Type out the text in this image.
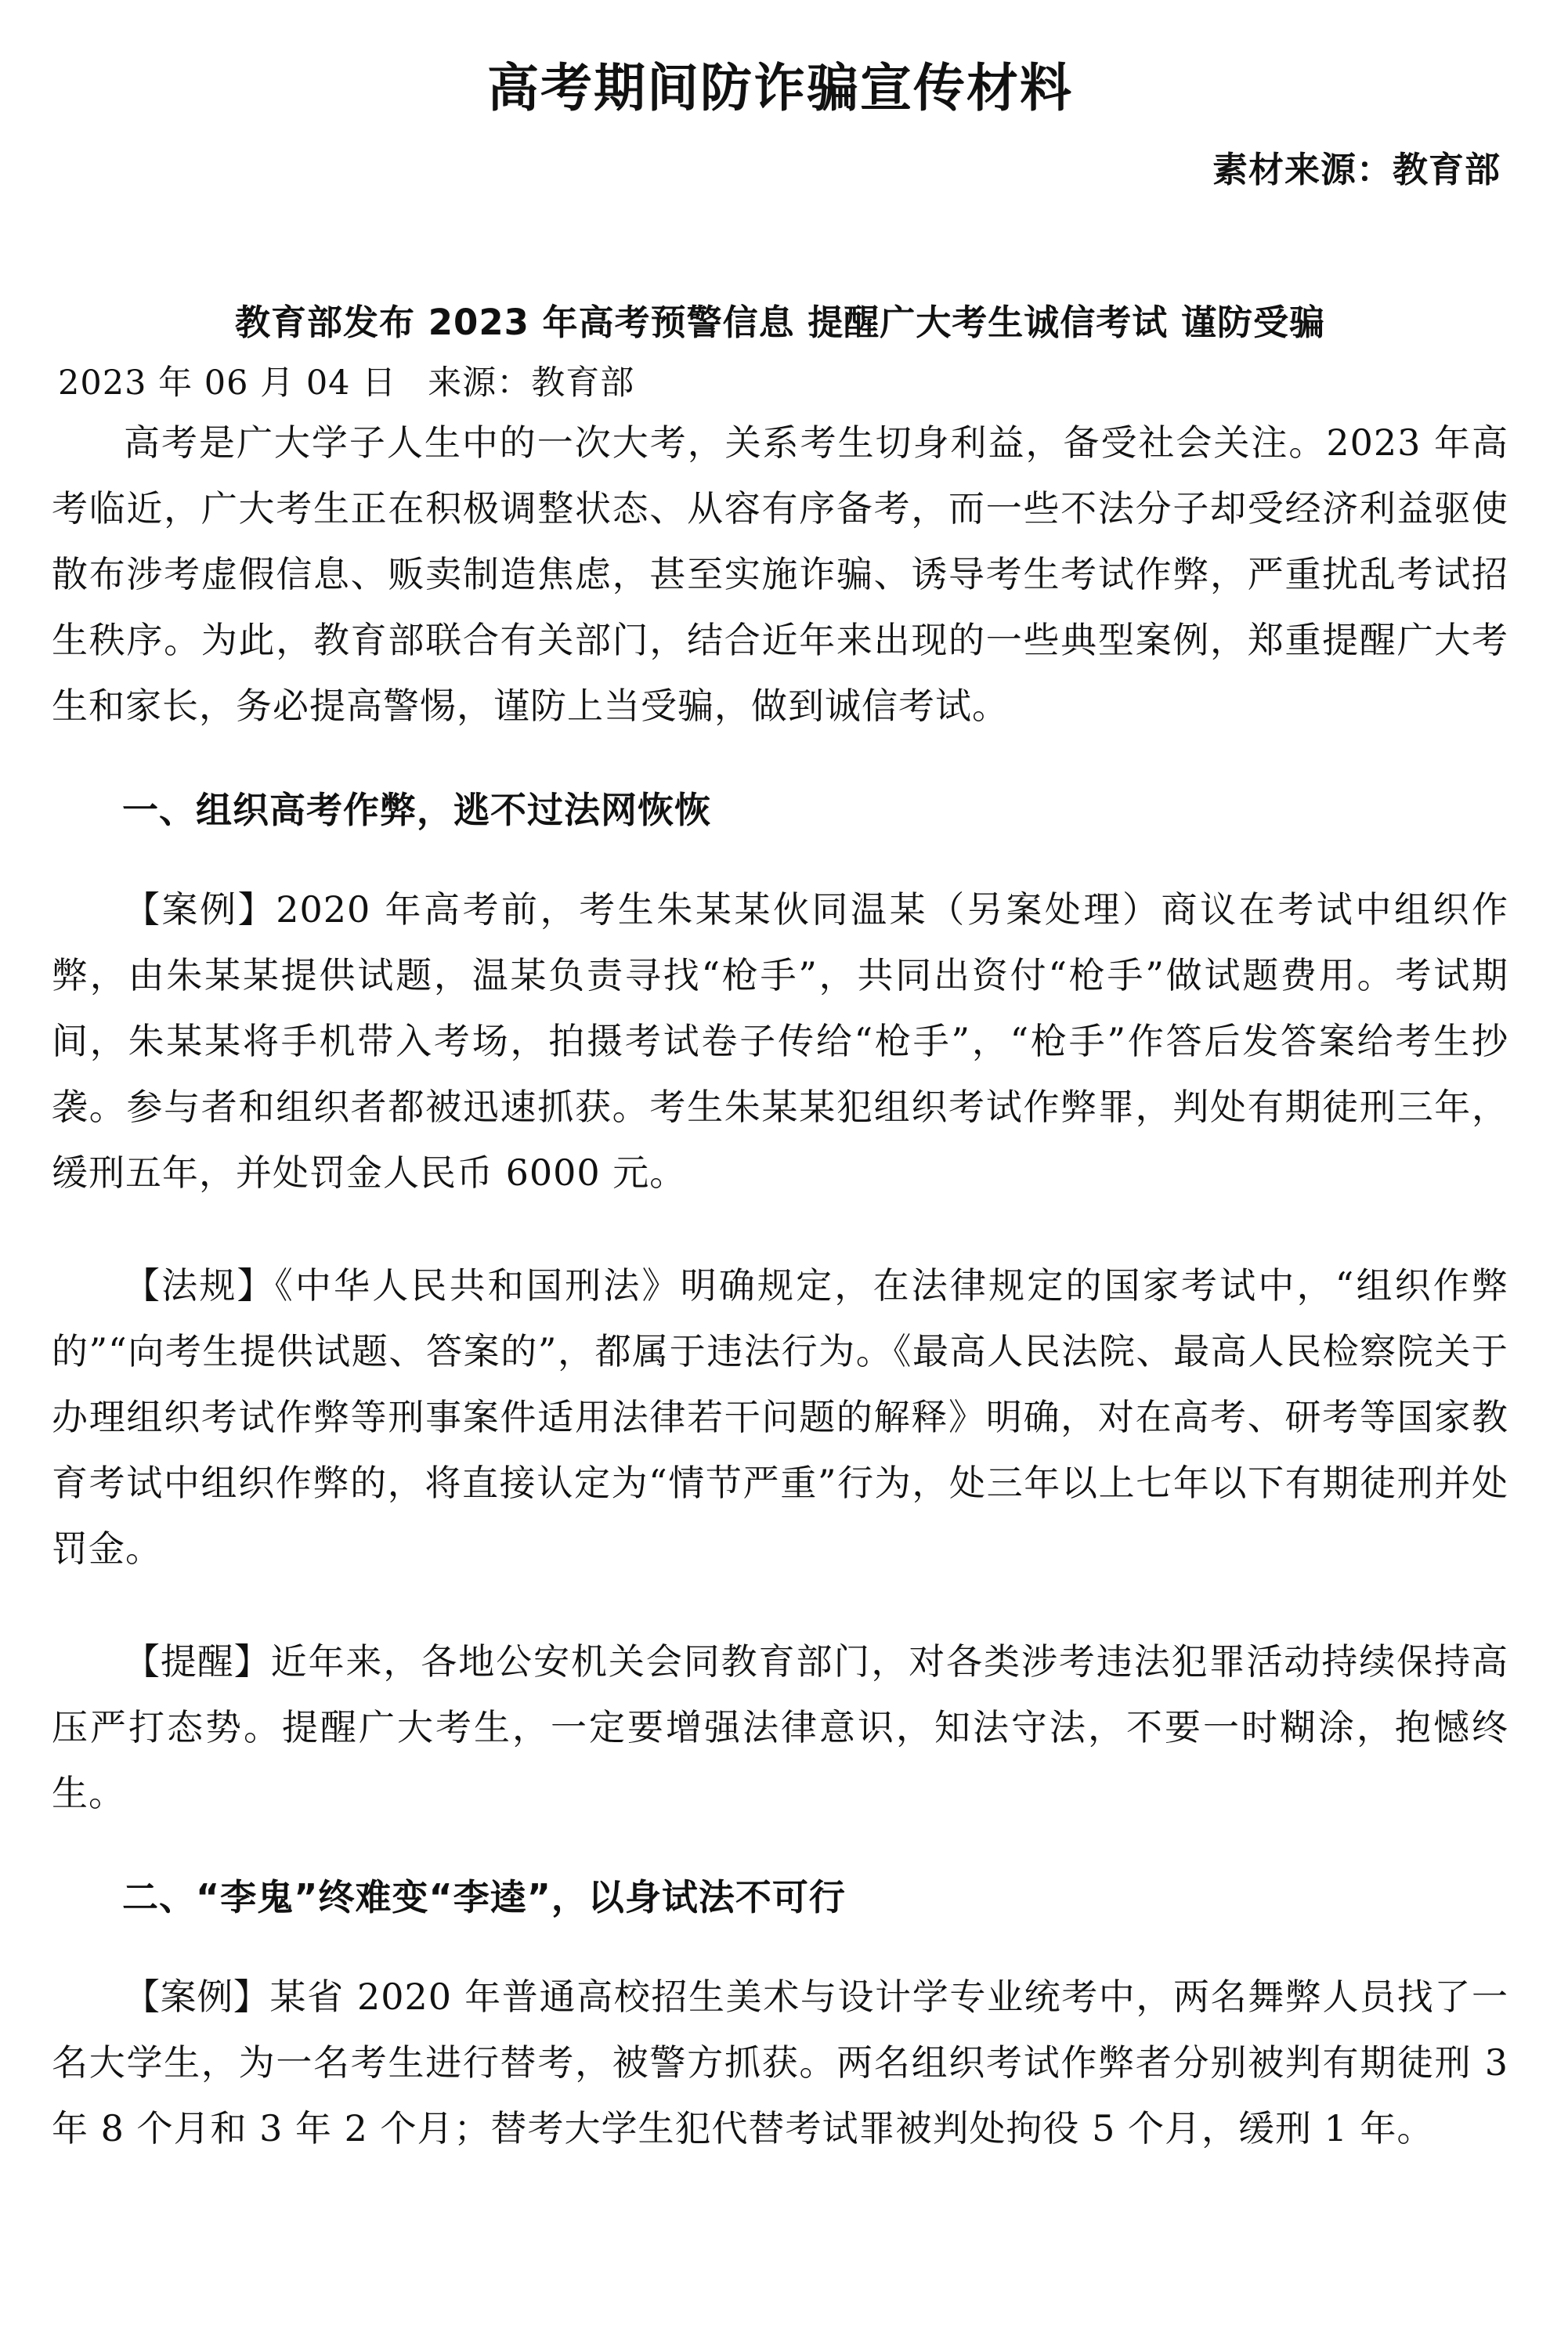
高考期间防诈骗宣传材料
素材来源：教育部
教育部发布 2023 年高考预警信息 提醒广大考生诚信考试 谨防受骗
2023 年 06 月 04 日 来源：教育部

高考是广大学子人生中的一次大考，关系考生切身利益，备受社会关注。2023 年高考临近，广大考生正在积极调整状态、从容有序备考，而一些不法分子却受经济利益驱使散布涉考虚假信息、贩卖制造焦虑，甚至实施诈骗、诱导考生考试作弊，严重扰乱考试招生秩序。为此，教育部联合有关部门，结合近年来出现的一些典型案例，郑重提醒广大考生和家长，务必提高警惕，谨防上当受骗，做到诚信考试。

一、组织高考作弊，逃不过法网恢恢

【案例】2020 年高考前，考生朱某某伙同温某（另案处理）商议在考试中组织作弊，由朱某某提供试题，温某负责寻找“枪手”，共同出资付“枪手”做试题费用。考试期间，朱某某将手机带入考场，拍摄考试卷子传给“枪手”，“枪手”作答后发答案给考生抄袭。参与者和组织者都被迅速抓获。考生朱某某犯组织考试作弊罪，判处有期徒刑三年，缓刑五年，并处罚金人民币 6000 元。

【法规】《中华人民共和国刑法》明确规定，在法律规定的国家考试中，“组织作弊的”“向考生提供试题、答案的”，都属于违法行为。《最高人民法院、最高人民检察院关于办理组织考试作弊等刑事案件适用法律若干问题的解释》明确，对在高考、研考等国家教育考试中组织作弊的，将直接认定为“情节严重”行为，处三年以上七年以下有期徒刑并处罚金。

【提醒】近年来，各地公安机关会同教育部门，对各类涉考违法犯罪活动持续保持高压严打态势。提醒广大考生，一定要增强法律意识，知法守法，不要一时糊涂，抱憾终生。

二、“李鬼”终难变“李逵”，以身试法不可行

【案例】某省 2020 年普通高校招生美术与设计学专业统考中，两名舞弊人员找了一名大学生，为一名考生进行替考，被警方抓获。两名组织考试作弊者分别被判有期徒刑 3 年 8 个月和 3 年 2 个月；替考大学生犯代替考试罪被判处拘役 5 个月，缓刑 1 年。
